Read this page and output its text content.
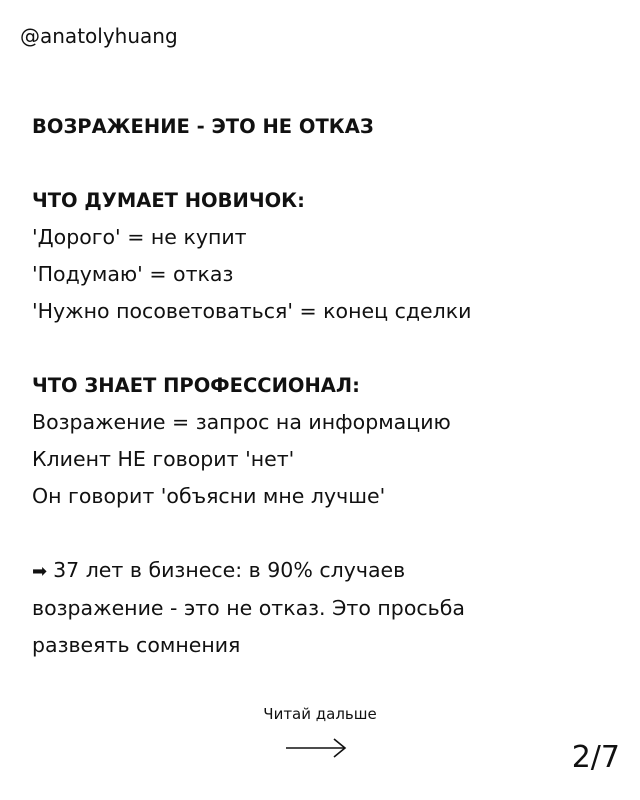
@anatolyhuang
ВОЗРАЖЕНИЕ - ЭТО НЕ ОТКАЗ
ЧТО ДУМАЕТ НОВИЧОК:
'Дорого' = не купит
'Подумаю' = отказ
'Нужно посоветоваться' = конец сделки
ЧТО ЗНАЕТ ПРОФЕССИОНАЛ:
Возражение = запрос на информацию
Клиент НЕ говорит 'нет'
Он говорит 'объясни мне лучше'
➡ 37 лет в бизнесе: в 90% случаев
возражение - это не отказ. Это просьба
развеять сомнения
Читай дальше
2/7
